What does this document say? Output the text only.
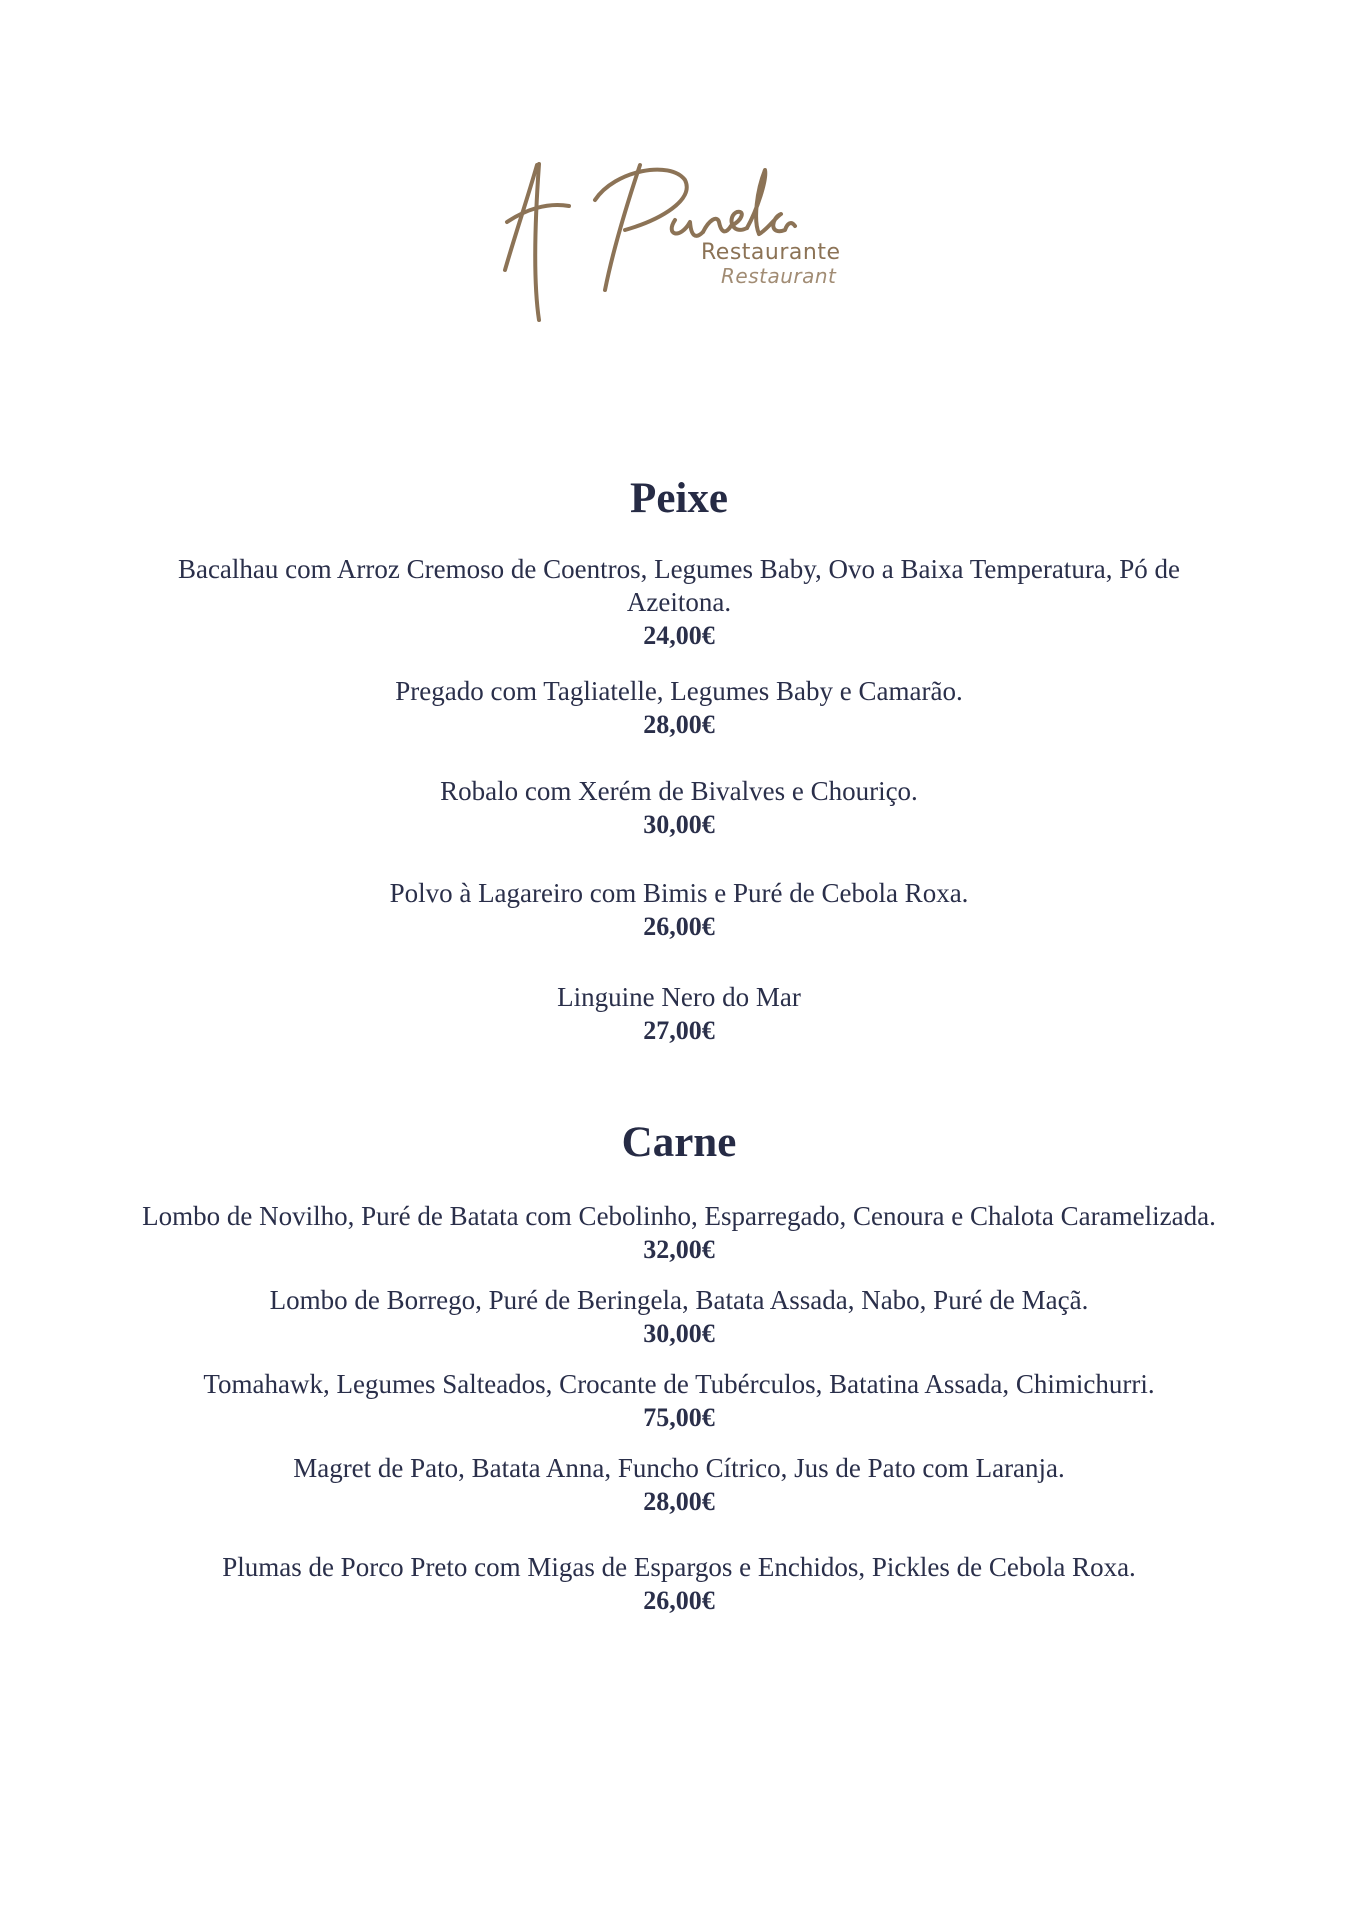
Restaurante

Restaurant

Peixe
Bacalhau com Arroz Cremoso de Coentros, Legumes Baby, Ovo a Baixa Temperatura, Pó de Azeitona.
24,00€
Pregado com Tagliatelle, Legumes Baby e Camarão.
28,00€
Robalo com Xerém de Bivalves e Chouriço.
30,00€
Polvo à Lagareiro com Bimis e Puré de Cebola Roxa.
26,00€
Linguine Nero do Mar
27,00€
Carne
Lombo de Novilho, Puré de Batata com Cebolinho, Esparregado, Cenoura e Chalota Caramelizada.
32,00€
Lombo de Borrego, Puré de Beringela, Batata Assada, Nabo, Puré de Maçã.
30,00€
Tomahawk, Legumes Salteados, Crocante de Tubérculos, Batatina Assada, Chimichurri.
75,00€
Magret de Pato, Batata Anna, Funcho Cítrico, Jus de Pato com Laranja.
28,00€
Plumas de Porco Preto com Migas de Espargos e Enchidos, Pickles de Cebola Roxa.
26,00€
